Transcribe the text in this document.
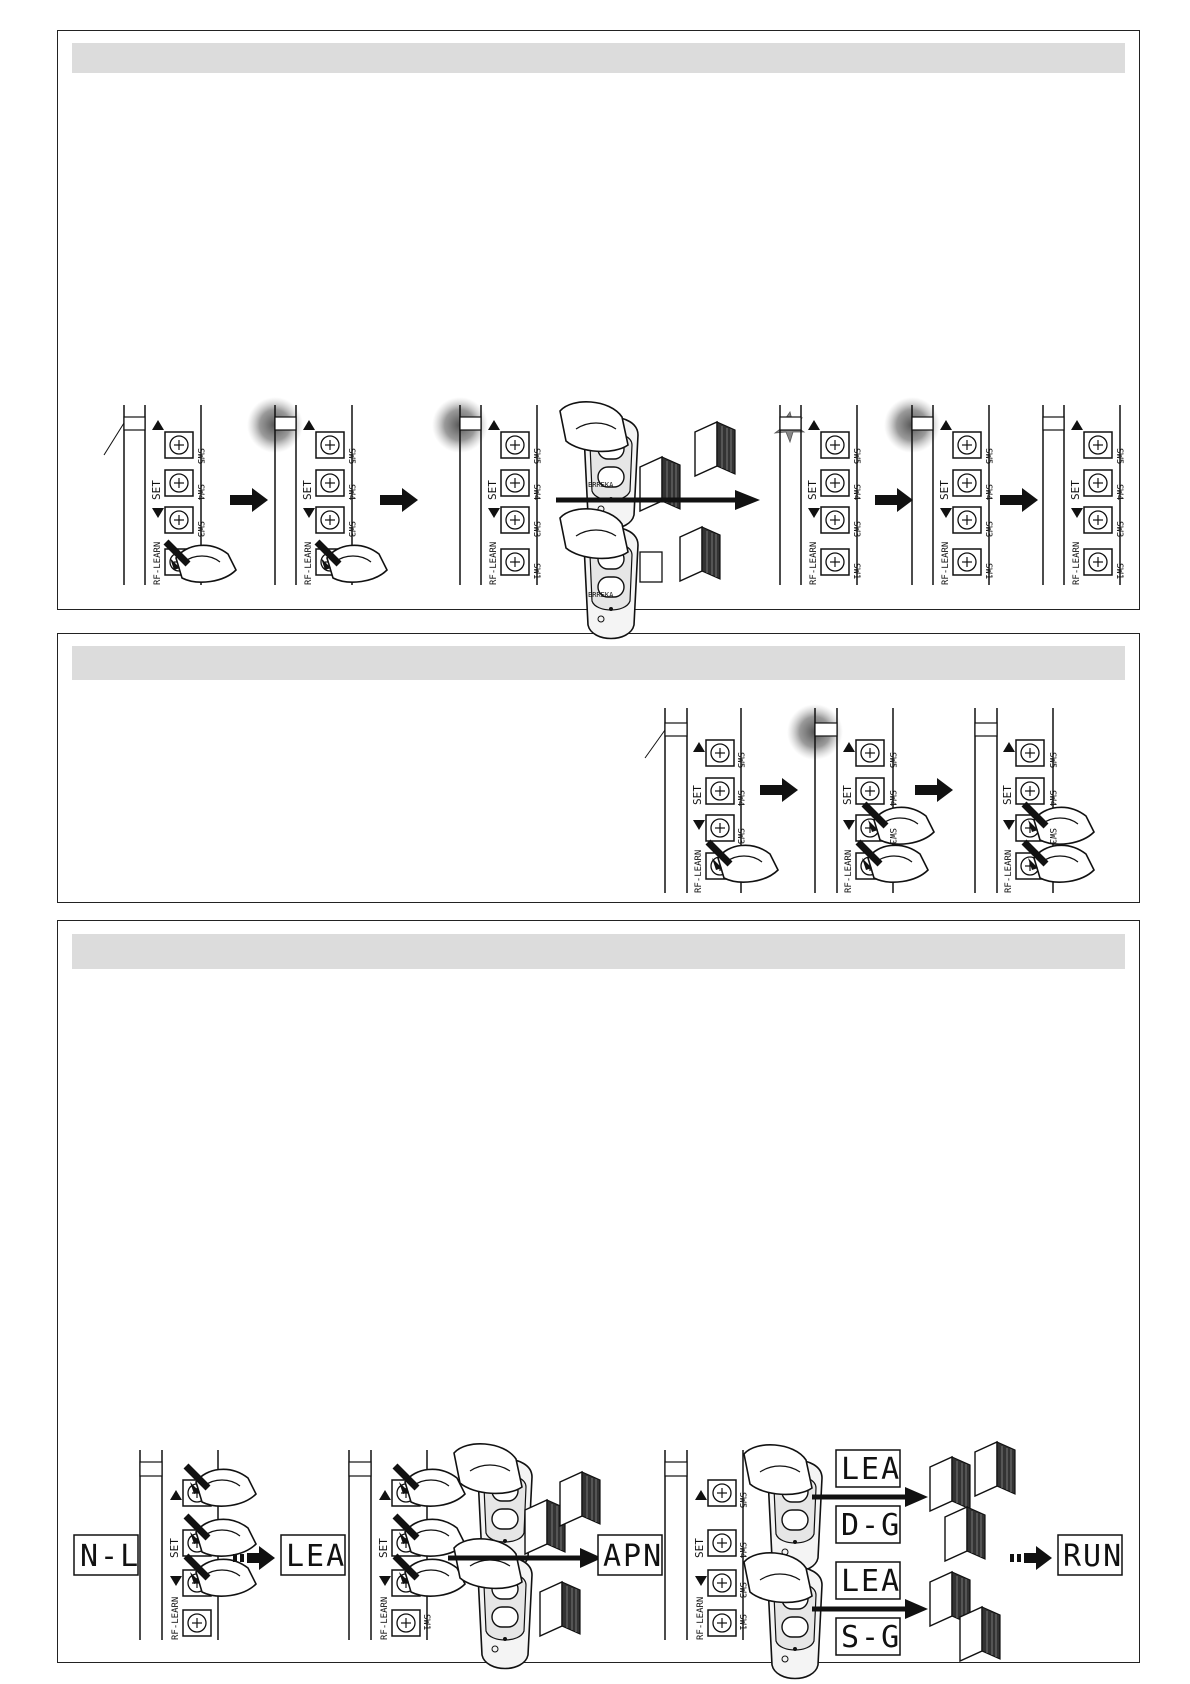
SW5
SET	SW4
SW3
RF-LEARN
SW5
SET	SW4
SW3
RF-LEARN
SW5
SET	SW4
SW3
SW1
RF-LEARN
SW5
SET	SW4
SW3
SW1
RF-LEARN
SW5
SET	SW4
SW3
SW1
RF-LEARN
SW5
SET	SW4
SW3
SW1
RF-LEARN
ERREKA
ERREKA
SW5
SET	SW4
SW3
RF-LEARN
SW5
SET	SW4
SW3
RF-LEARN
SW5
SET	SW4
SW3
RF-LEARN
N-L	LEA	APN
LEA
D-G
LEA
S-G
RUN
SET
RF-LEARN
SET
RF-LEARN	SW1
SET
RF-LEARN
SW5
SW4
SW3
SW1
